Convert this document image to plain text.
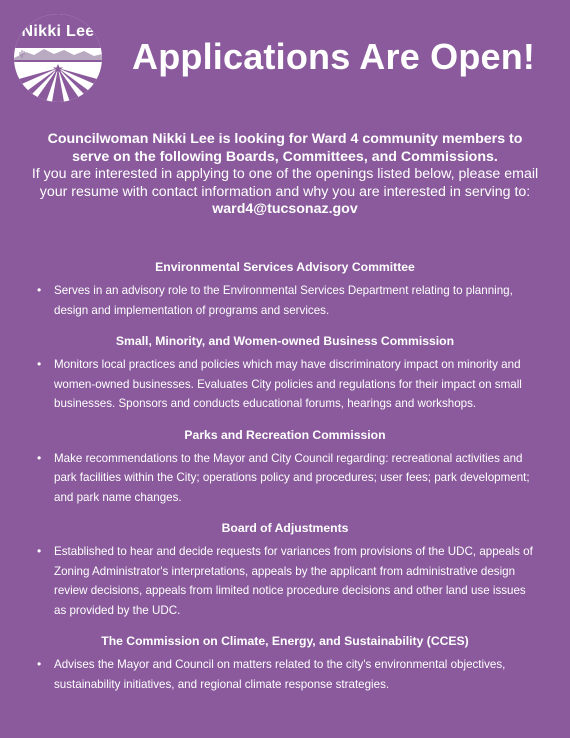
Nikki Lee
Applications Are Open!
Councilwoman Nikki Lee is looking for Ward 4 community members to serve on the following Boards, Committees, and Commissions.
If you are interested in applying to one of the openings listed below, please email your resume with contact information and why you are interested in serving to: ward4@tucsonaz.gov
Environmental Services Advisory Committee
• Serves in an advisory role to the Environmental Services Department relating to planning, design and implementation of programs and services.
Small, Minority, and Women-owned Business Commission
• Monitors local practices and policies which may have discriminatory impact on minority and women-owned businesses. Evaluates City policies and regulations for their impact on small businesses. Sponsors and conducts educational forums, hearings and workshops.
Parks and Recreation Commission
• Make recommendations to the Mayor and City Council regarding: recreational activities and park facilities within the City; operations policy and procedures; user fees; park development; and park name changes.
Board of Adjustments
• Established to hear and decide requests for variances from provisions of the UDC, appeals of Zoning Administrator's interpretations, appeals by the applicant from administrative design review decisions, appeals from limited notice procedure decisions and other land use issues as provided by the UDC.
The Commission on Climate, Energy, and Sustainability (CCES)
• Advises the Mayor and Council on matters related to the city's environmental objectives, sustainability initiatives, and regional climate response strategies.
